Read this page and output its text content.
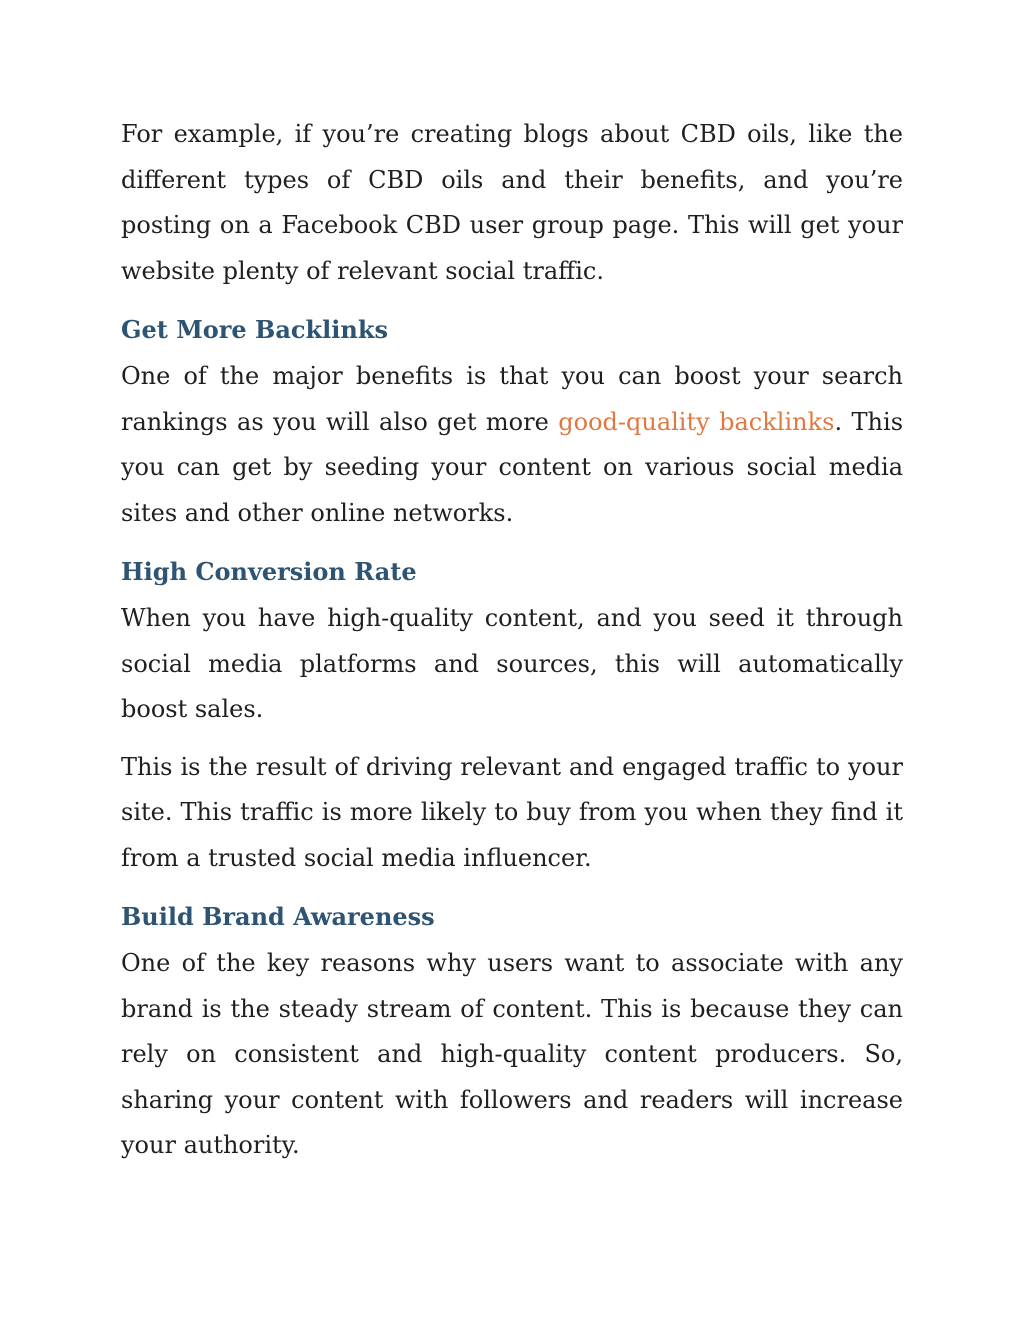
For example, if you’re creating blogs about CBD oils, like the different types of CBD oils and their benefits, and you’re posting on a Facebook CBD user group page. This will get your website plenty of relevant social traffic.

Get More Backlinks

One of the major benefits is that you can boost your search rankings as you will also get more good-quality backlinks. This you can get by seeding your content on various social media sites and other online networks.

High Conversion Rate

When you have high-quality content, and you seed it through social media platforms and sources, this will automatically boost sales.

This is the result of driving relevant and engaged traffic to your site. This traffic is more likely to buy from you when they find it from a trusted social media influencer.

Build Brand Awareness

One of the key reasons why users want to associate with any brand is the steady stream of content. This is because they can rely on consistent and high-quality content producers. So, sharing your content with followers and readers will increase your authority.
